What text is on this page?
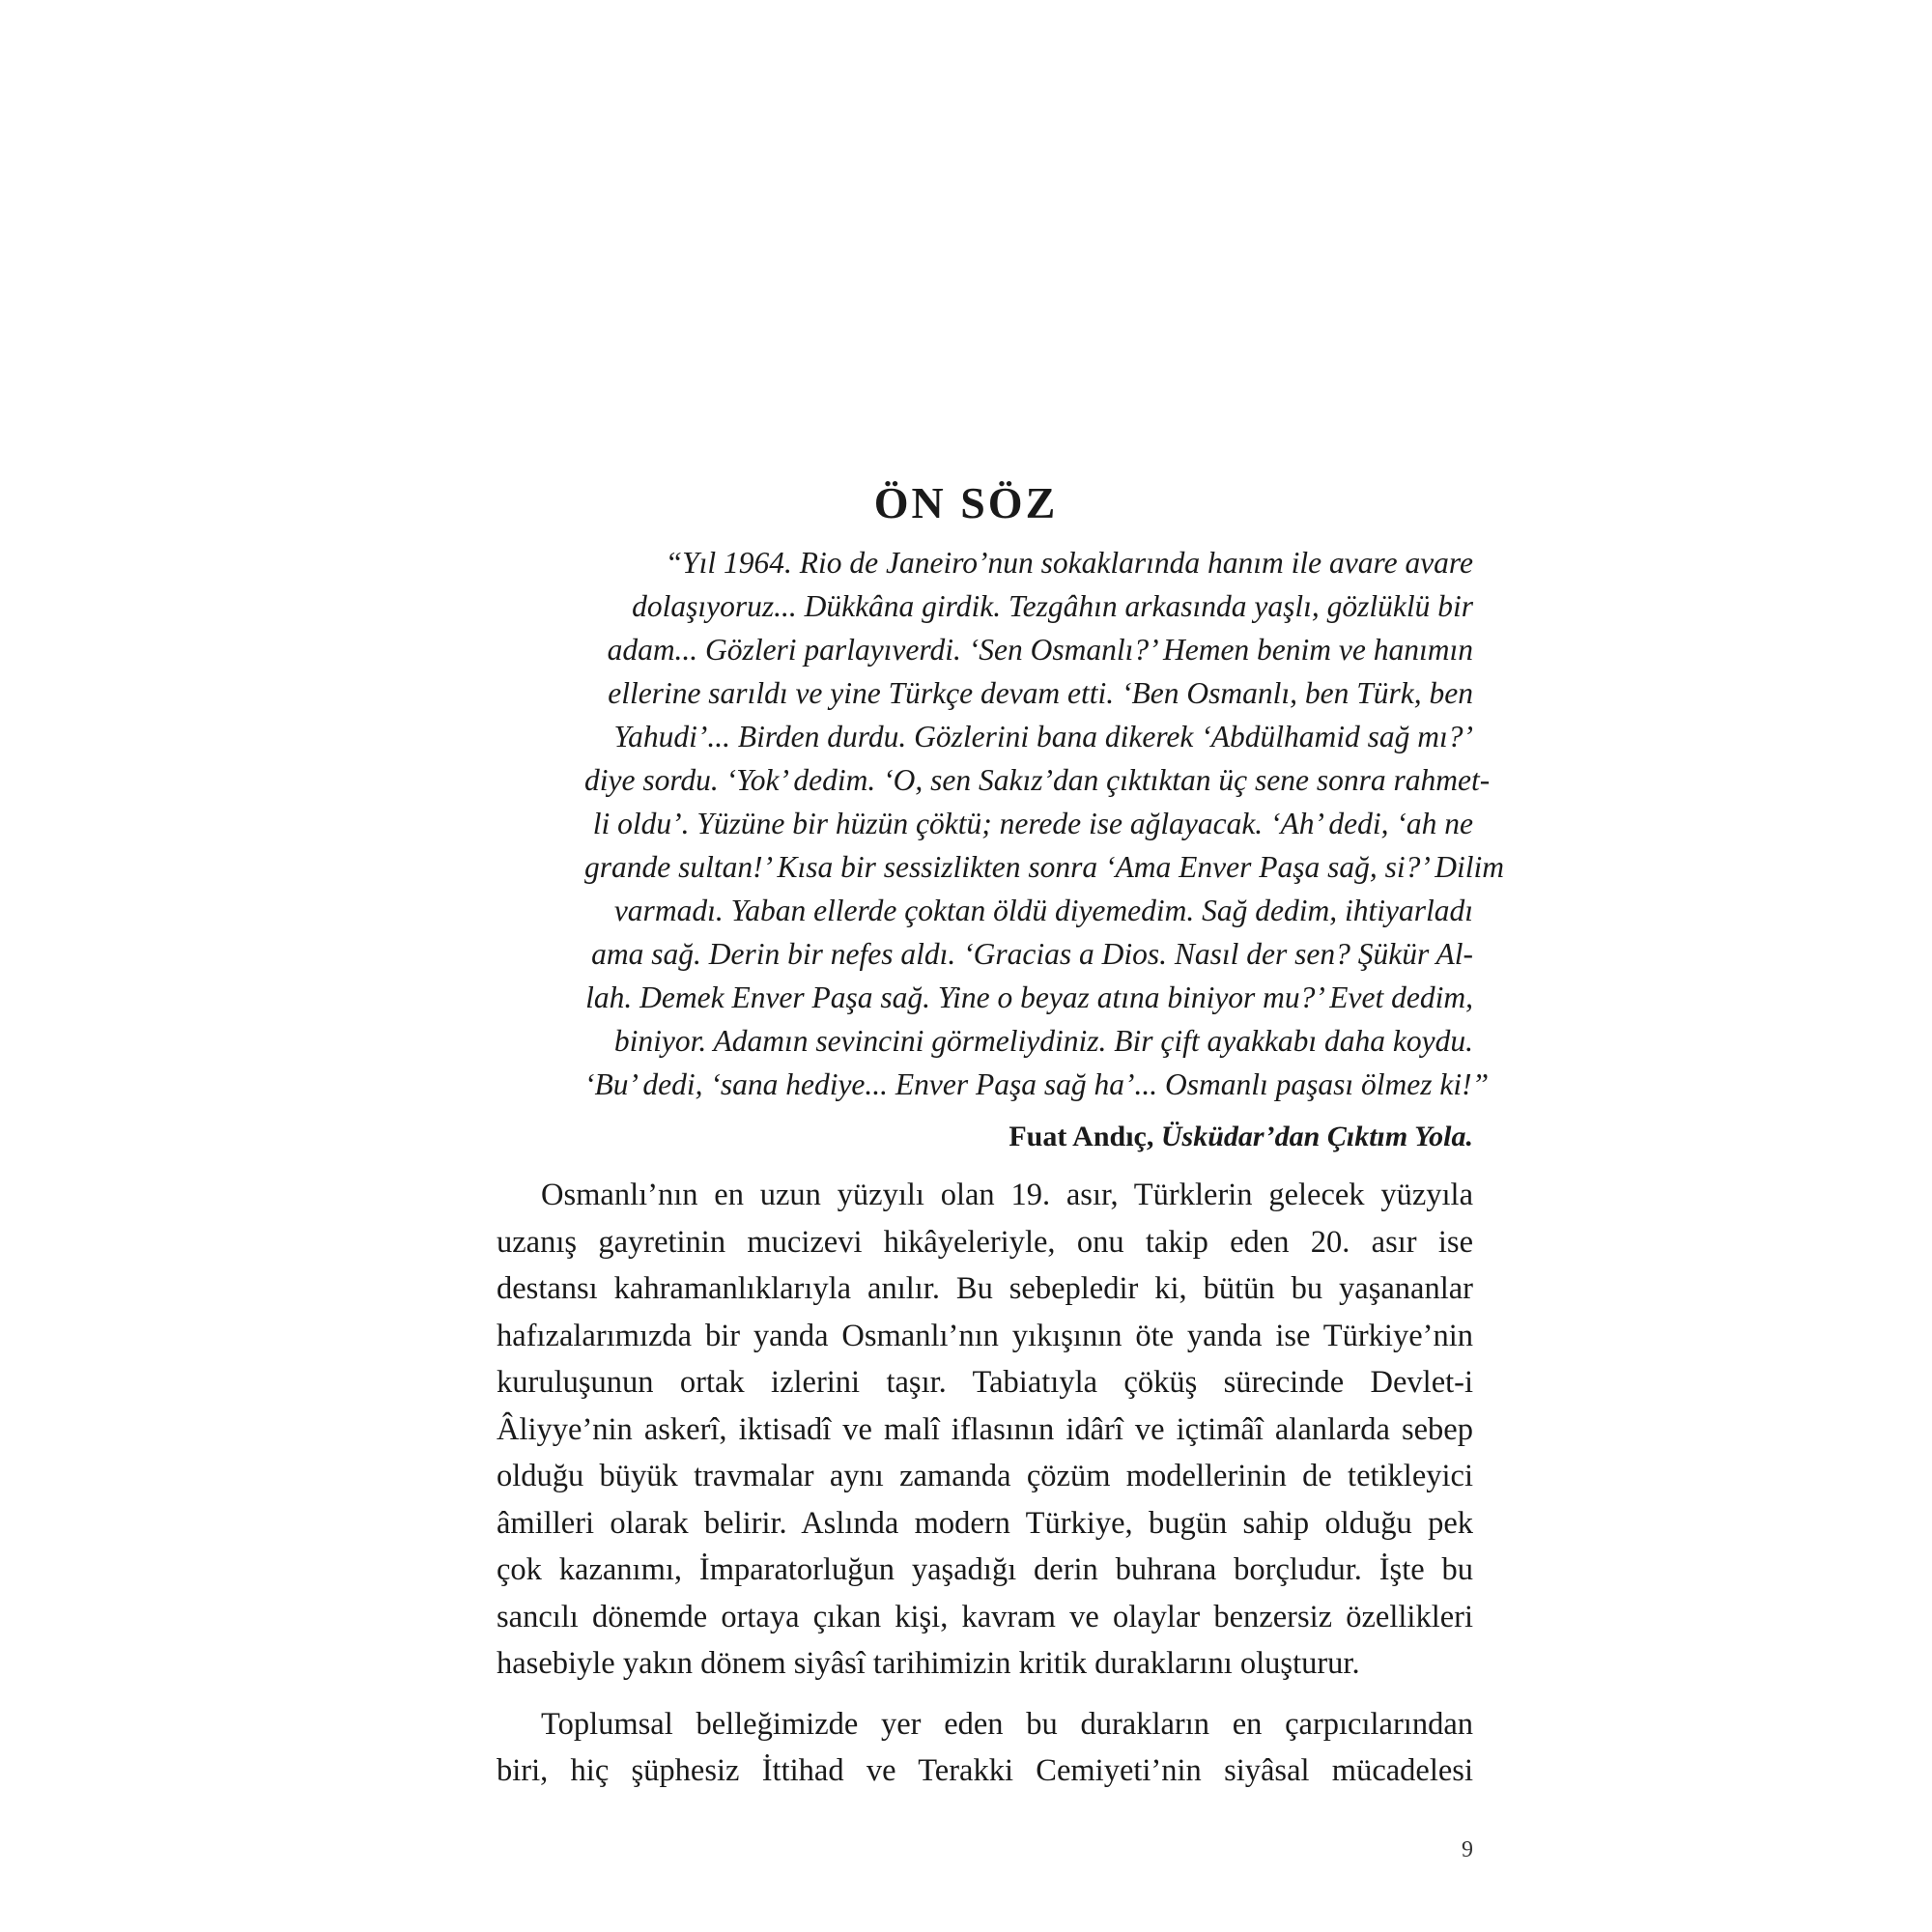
ÖN SÖZ
“Yıl 1964. Rio de Janeiro’nun sokaklarında hanım ile avare avare
dolaşıyoruz... Dükkâna girdik. Tezgâhın arkasında yaşlı, gözlüklü bir
adam... Gözleri parlayıverdi. ‘Sen Osmanlı?’ Hemen benim ve hanımın
ellerine sarıldı ve yine Türkçe devam etti. ‘Ben Osmanlı, ben Türk, ben
Yahudi’... Birden durdu. Gözlerini bana dikerek ‘Abdülhamid sağ mı?’
diye sordu. ‘Yok’ dedim. ‘O, sen Sakız’dan çıktıktan üç sene sonra rahmet-
li oldu’. Yüzüne bir hüzün çöktü; nerede ise ağlayacak. ‘Ah’ dedi, ‘ah ne
grande sultan!’ Kısa bir sessizlikten sonra ‘Ama Enver Paşa sağ, si?’ Dilim
varmadı. Yaban ellerde çoktan öldü diyemedim. Sağ dedim, ihtiyarladı
ama sağ. Derin bir nefes aldı. ‘Gracias a Dios. Nasıl der sen? Şükür Al-
lah. Demek Enver Paşa sağ. Yine o beyaz atına biniyor mu?’ Evet dedim,
biniyor. Adamın sevincini görmeliydiniz. Bir çift ayakkabı daha koydu.
‘Bu’ dedi, ‘sana hediye... Enver Paşa sağ ha’... Osmanlı paşası ölmez ki!”
Fuat Andıç, Üsküdar’dan Çıktım Yola.

Osmanlı’nın en uzun yüzyılı olan 19. asır, Türklerin gelecek yüzyıla
uzanış gayretinin mucizevi hikâyeleriyle, onu takip eden 20. asır ise
destansı kahramanlıklarıyla anılır. Bu sebepledir ki, bütün bu yaşananlar
hafızalarımızda bir yanda Osmanlı’nın yıkışının öte yanda ise Türkiye’nin
kuruluşunun ortak izlerini taşır. Tabiatıyla çöküş sürecinde Devlet-i
Âliyye’nin askerî, iktisadî ve malî iflasının idârî ve içtimâî alanlarda sebep
olduğu büyük travmalar aynı zamanda çözüm modellerinin de tetikleyici
âmilleri olarak belirir. Aslında modern Türkiye, bugün sahip olduğu pek
çok kazanımı, İmparatorluğun yaşadığı derin buhrana borçludur. İşte bu
sancılı dönemde ortaya çıkan kişi, kavram ve olaylar benzersiz özellikleri
hasebiyle yakın dönem siyâsî tarihimizin kritik duraklarını oluşturur.

Toplumsal belleğimizde yer eden bu durakların en çarpıcılarından
biri, hiç şüphesiz İttihad ve Terakki Cemiyeti’nin siyâsal mücadelesi

9
